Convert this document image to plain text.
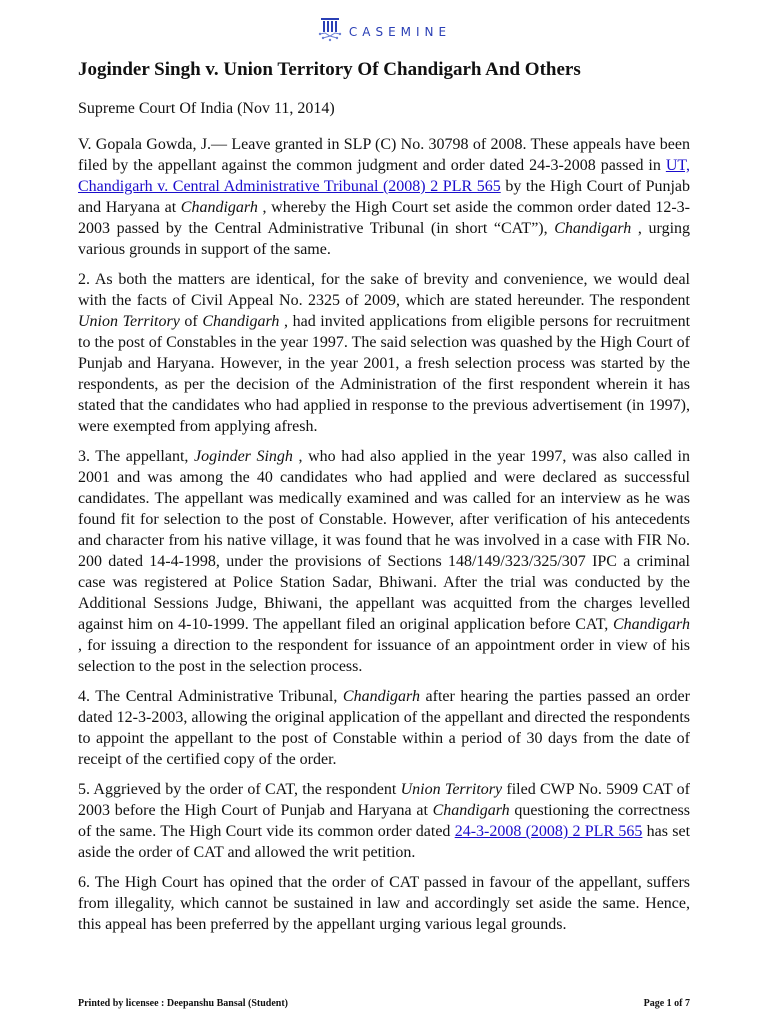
CASEMINE
Joginder Singh v. Union Territory Of Chandigarh And Others
Supreme Court Of India (Nov 11, 2014)

V. Gopala Gowda, J.— Leave granted in SLP (C) No. 30798 of 2008. These appeals have been filed by the appellant against the common judgment and order dated 24-3-2008 passed in UT, Chandigarh v. Central Administrative Tribunal (2008) 2 PLR 565 by the High Court of Punjab and Haryana at Chandigarh , whereby the High Court set aside the common order dated 12-3-2003 passed by the Central Administrative Tribunal (in short “CAT”), Chandigarh , urging various grounds in support of the same.

2. As both the matters are identical, for the sake of brevity and convenience, we would deal with the facts of Civil Appeal No. 2325 of 2009, which are stated hereunder. The respondent Union Territory of Chandigarh , had invited applications from eligible persons for recruitment to the post of Constables in the year 1997. The said selection was quashed by the High Court of Punjab and Haryana. However, in the year 2001, a fresh selection process was started by the respondents, as per the decision of the Administration of the first respondent wherein it has stated that the candidates who had applied in response to the previous advertisement (in 1997), were exempted from applying afresh.

3. The appellant, Joginder Singh , who had also applied in the year 1997, was also called in 2001 and was among the 40 candidates who had applied and were declared as successful candidates. The appellant was medically examined and was called for an interview as he was found fit for selection to the post of Constable. However, after verification of his antecedents and character from his native village, it was found that he was involved in a case with FIR No. 200 dated 14-4-1998, under the provisions of Sections 148/149/323/325/307 IPC a criminal case was registered at Police Station Sadar, Bhiwani. After the trial was conducted by the Additional Sessions Judge, Bhiwani, the appellant was acquitted from the charges levelled against him on 4-10-1999. The appellant filed an original application before CAT, Chandigarh , for issuing a direction to the respondent for issuance of an appointment order in view of his selection to the post in the selection process.

4. The Central Administrative Tribunal, Chandigarh after hearing the parties passed an order dated 12-3-2003, allowing the original application of the appellant and directed the respondents to appoint the appellant to the post of Constable within a period of 30 days from the date of receipt of the certified copy of the order.

5. Aggrieved by the order of CAT, the respondent Union Territory filed CWP No. 5909 CAT of 2003 before the High Court of Punjab and Haryana at Chandigarh questioning the correctness of the same. The High Court vide its common order dated 24-3-2008 (2008) 2 PLR 565 has set aside the order of CAT and allowed the writ petition.

6. The High Court has opined that the order of CAT passed in favour of the appellant, suffers from illegality, which cannot be sustained in law and accordingly set aside the same. Hence, this appeal has been preferred by the appellant urging various legal grounds.

Printed by licensee : Deepanshu Bansal (Student)	Page 1 of 7
